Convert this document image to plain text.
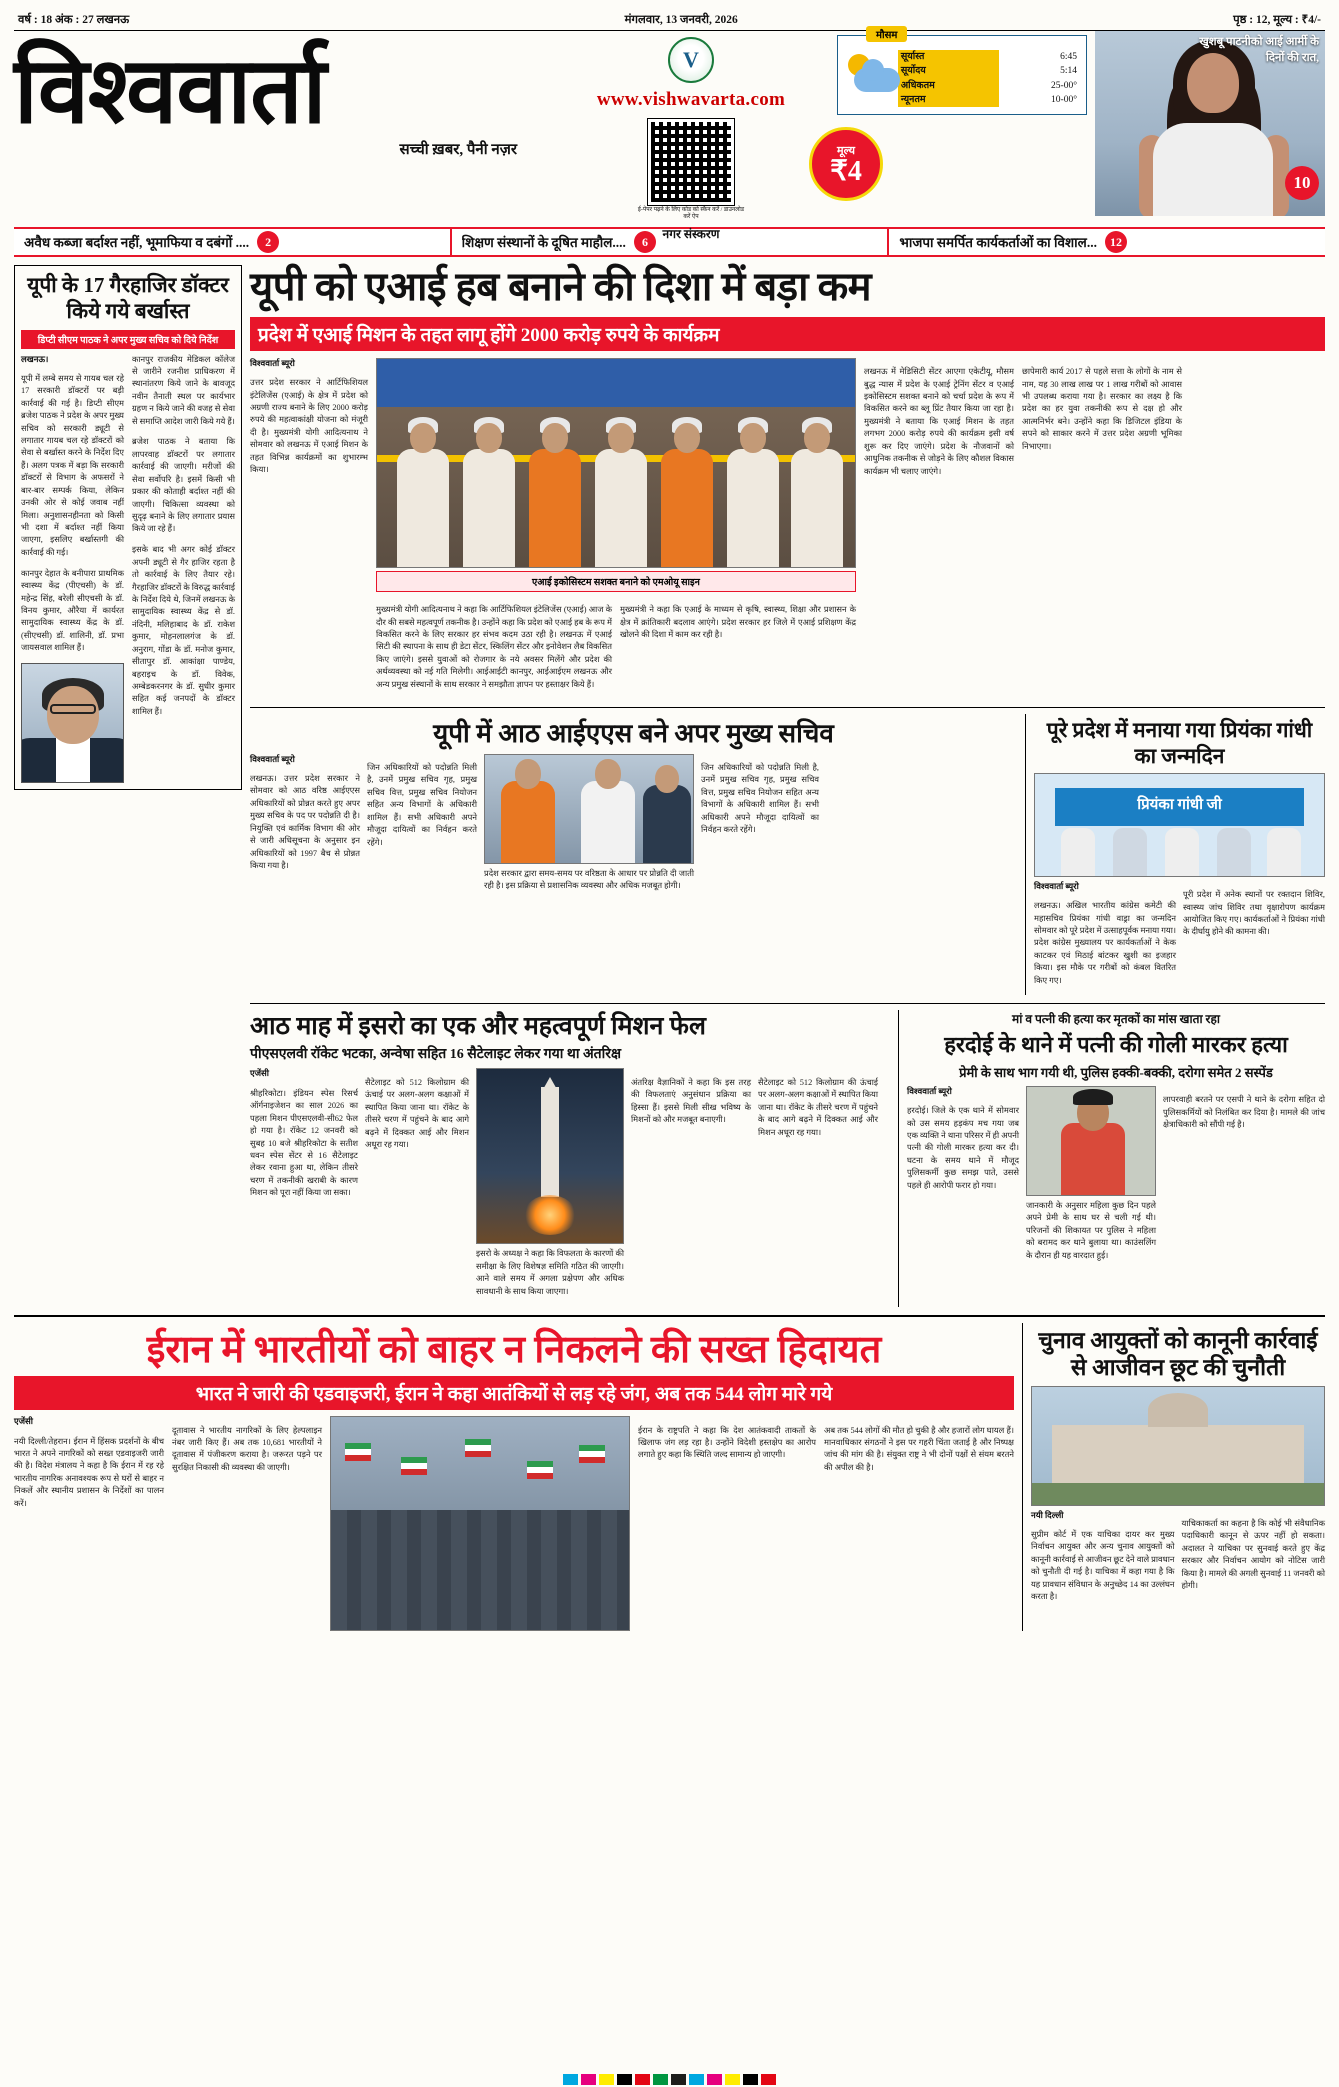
वर्ष : 18 अंक : 27 लखनऊ	मंगलवार, 13 जनवरी, 2026	पृष्ठ : 12, मूल्य : ₹4/-
विश्ववार्ता
सच्ची ख़बर, पैनी नज़र
V
www.vishwavarta.com
ई-पेपर पढ़ने के लिए कोड को स्कैन करें / डाउनलोड करें ऐप
नगर संस्करण
मूल्य
₹4
मौसम
सूर्यास्त	6:45
सूर्योदय	5:14
अधिकतम	25-00°
न्यूनतम	10-00°
खुशबू पाटनीको आई आर्मी के दिनों की रात,
10
अवैध कब्जा बर्दाश्त नहीं, भूमाफिया व दबंगों ....	2	शिक्षण संस्थानों के दूषित माहौल....	6	भाजपा समर्पित कार्यकर्ताओं का विशाल...	12
यूपी के 17 गैरहाजिर डॉक्टर किये गये बर्खास्त
डिप्टी सीएम पाठक ने अपर मुख्य सचिव को दिये निर्देश
लखनऊ।

यूपी में लम्बे समय से गायब चल रहे 17 सरकारी डॉक्टरों पर बड़ी कार्रवाई की गई है। डिप्टी सीएम ब्रजेश पाठक ने प्रदेश के अपर मुख्य सचिव को सरकारी ड्यूटी से लगातार गायब चल रहे डॉक्टरों को सेवा से बर्खास्त करने के निर्देश दिए हैं। अलग पत्रक में बड़ा कि सरकारी डॉक्टरों से विभाग के अफसरों ने बार-बार सम्पर्क किया, लेकिन उनकी ओर से कोई जवाब नहीं मिला। अनुशासनहीनता को किसी भी दशा में बर्दाश्त नहीं किया जाएगा, इसलिए बर्खास्तगी की कार्रवाई की गई।

कानपुर देहात के बनीपारा प्राथमिक स्वास्थ्य केंद्र (पीएचसी) के डॉ. महेन्द्र सिंह, बरेली सीएचसी के डॉ. विनय कुमार, औरैया में कार्यरत सामुदायिक स्वास्थ्य केंद्र के डॉ. (सीएचसी) डॉ. शालिनी, डॉ. प्रभा जायसवाल शामिल हैं।

कानपुर राजकीय मेडिकल कॉलेज से जारीने रजनीश प्राधिकरण में स्थानांतरण किये जाने के बावजूद नवीन तैनाती स्थल पर कार्यभार ग्रहण न किये जाने की वजह से सेवा से समाप्ति आदेश जारी किये गये हैं।

ब्रजेश पाठक ने बताया कि लापरवाह डॉक्टरों पर लगातार कार्रवाई की जाएगी। मरीजों की सेवा सर्वोपरि है। इसमें किसी भी प्रकार की कोताही बर्दाश्त नहीं की जाएगी। चिकित्सा व्यवस्था को सुदृढ़ बनाने के लिए लगातार प्रयास किये जा रहे हैं।

इसके बाद भी अगर कोई डॉक्टर अपनी ड्यूटी से गैर हाजिर रहता है तो कार्रवाई के लिए तैयार रहे। गैरहाजिर डॉक्टरों के विरुद्ध कार्रवाई के निर्देश दिये थे, जिनमें लखनऊ के सामुदायिक स्वास्थ्य केंद्र से डॉ. नंदिनी, मलिहाबाद के डॉ. राकेश कुमार, मोहनलालगंज के डॉ. अनुराग, गोंडा के डॉ. मनोज कुमार, सीतापुर डॉ. आकांक्षा पाण्डेय, बहराइच के डॉ. विवेक, अम्बेडकरनगर के डॉ. सुधीर कुमार सहित कई जनपदों के डॉक्टर शामिल हैं।

यूपी को एआई हब बनाने की दिशा में बड़ा कम
प्रदेश में एआई मिशन के तहत लागू होंगे 2000 करोड़ रुपये के कार्यक्रम
विश्ववार्ता ब्यूरो

उत्तर प्रदेश सरकार ने आर्टिफिशियल इंटेलिजेंस (एआई) के क्षेत्र में प्रदेश को अग्रणी राज्य बनाने के लिए 2000 करोड़ रुपये की महत्वाकांक्षी योजना को मंजूरी दी है। मुख्यमंत्री योगी आदित्यनाथ ने सोमवार को लखनऊ में एआई मिशन के तहत विभिन्न कार्यक्रमों का शुभारम्भ किया।

एआई इकोसिस्टम सशक्त बनाने को एमओयू साइन

मुख्यमंत्री योगी आदित्यनाथ ने कहा कि आर्टिफिशियल इंटेलिजेंस (एआई) आज के दौर की सबसे महत्वपूर्ण तकनीक है। उन्होंने कहा कि प्रदेश को एआई हब के रूप में विकसित करने के लिए सरकार हर संभव कदम उठा रही है। लखनऊ में एआई सिटी की स्थापना के साथ ही डेटा सेंटर, स्किलिंग सेंटर और इनोवेशन लैब विकसित किए जाएंगे। इससे युवाओं को रोजगार के नये अवसर मिलेंगे और प्रदेश की अर्थव्यवस्था को नई गति मिलेगी। आईआईटी कानपुर, आईआईएम लखनऊ और अन्य प्रमुख संस्थानों के साथ सरकार ने समझौता ज्ञापन पर हस्ताक्षर किये हैं।

मुख्यमंत्री ने कहा कि एआई के माध्यम से कृषि, स्वास्थ्य, शिक्षा और प्रशासन के क्षेत्र में क्रांतिकारी बदलाव आएंगे। प्रदेश सरकार हर जिले में एआई प्रशिक्षण केंद्र खोलने की दिशा में काम कर रही है।

लखनऊ में मेडिसिटी सेंटर आएगा एकेटीयू, मौसम बुद्ध न्यास में प्रदेश के एआई ट्रेनिंग सेंटर व एआई इकोसिस्टम सशक्त बनाने को चर्चा प्रदेश के रूप में विकसित करने का ब्लू प्रिंट तैयार किया जा रहा है। मुख्यमंत्री ने बताया कि एआई मिशन के तहत लगभग 2000 करोड़ रुपये की कार्यक्रम इसी वर्ष शुरू कर दिए जाएंगे। प्रदेश के नौजवानों को आधुनिक तकनीक से जोड़ने के लिए कौशल विकास कार्यक्रम भी चलाए जाएंगे।

छापेमारी कार्य 2017 से पहले सत्ता के लोगों के नाम से नाम, यह 30 लाख लाख पर 1 लाख गरीबों को आवास भी उपलब्ध कराया गया है। सरकार का लक्ष्य है कि प्रदेश का हर युवा तकनीकी रूप से दक्ष हो और आत्मनिर्भर बने। उन्होंने कहा कि डिजिटल इंडिया के सपने को साकार करने में उत्तर प्रदेश अग्रणी भूमिका निभाएगा।

यूपी में आठ आईएएस बने अपर मुख्य सचिव
विश्ववार्ता ब्यूरो

लखनऊ। उत्तर प्रदेश सरकार ने सोमवार को आठ वरिष्ठ आईएएस अधिकारियों को प्रोन्नत करते हुए अपर मुख्य सचिव के पद पर पदोन्नति दी है। नियुक्ति एवं कार्मिक विभाग की ओर से जारी अधिसूचना के अनुसार इन अधिकारियों को 1997 बैच से प्रोन्नत किया गया है।

जिन अधिकारियों को पदोन्नति मिली है, उनमें प्रमुख सचिव गृह, प्रमुख सचिव वित्त, प्रमुख सचिव नियोजन सहित अन्य विभागों के अधिकारी शामिल हैं। सभी अधिकारी अपने मौजूदा दायित्वों का निर्वहन करते रहेंगे।

प्रदेश सरकार द्वारा समय-समय पर वरिष्ठता के आधार पर प्रोन्नति दी जाती रही है। इस प्रक्रिया से प्रशासनिक व्यवस्था और अधिक मजबूत होगी।

जिन अधिकारियों को पदोन्नति मिली है, उनमें प्रमुख सचिव गृह, प्रमुख सचिव वित्त, प्रमुख सचिव नियोजन सहित अन्य विभागों के अधिकारी शामिल हैं। सभी अधिकारी अपने मौजूदा दायित्वों का निर्वहन करते रहेंगे।

पूरे प्रदेश में मनाया गया प्रियंका गांधी का जन्मदिन
प्रियंका गांधी जी
विश्ववार्ता ब्यूरो

लखनऊ। अखिल भारतीय कांग्रेस कमेटी की महासचिव प्रियंका गांधी वाड्रा का जन्मदिन सोमवार को पूरे प्रदेश में उत्साहपूर्वक मनाया गया। प्रदेश कांग्रेस मुख्यालय पर कार्यकर्ताओं ने केक काटकर एवं मिठाई बांटकर खुशी का इजहार किया। इस मौके पर गरीबों को कंबल वितरित किए गए।

पूरी प्रदेश में अनेक स्थानों पर रक्तदान शिविर, स्वास्थ्य जांच शिविर तथा वृक्षारोपण कार्यक्रम आयोजित किए गए। कार्यकर्ताओं ने प्रियंका गांधी के दीर्घायु होने की कामना की।

आठ माह में इसरो का एक और महत्वपूर्ण मिशन फेल
पीएसएलवी रॉकेट भटका, अन्वेषा सहित 16 सैटेलाइट लेकर गया था अंतरिक्ष
एजेंसी

श्रीहरिकोटा। इंडियन स्पेस रिसर्च ऑर्गनाइजेशन का साल 2026 का पहला मिशन पीएसएलवी-सी62 फेल हो गया है। रॉकेट 12 जनवरी को सुबह 10 बजे श्रीहरिकोटा के सतीश धवन स्पेस सेंटर से 16 सैटेलाइट लेकर रवाना हुआ था, लेकिन तीसरे चरण में तकनीकी खराबी के कारण मिशन को पूरा नहीं किया जा सका।

सैटेलाइट को 512 किलोग्राम की ऊंचाई पर अलग-अलग कक्षाओं में स्थापित किया जाना था। रॉकेट के तीसरे चरण में पहुंचने के बाद आगे बढ़ने में दिक्कत आई और मिशन अधूरा रह गया।

इसरो के अध्यक्ष ने कहा कि विफलता के कारणों की समीक्षा के लिए विशेषज्ञ समिति गठित की जाएगी। आने वाले समय में अगला प्रक्षेपण और अधिक सावधानी के साथ किया जाएगा।

अंतरिक्ष वैज्ञानिकों ने कहा कि इस तरह की विफलताएं अनुसंधान प्रक्रिया का हिस्सा हैं। इससे मिली सीख भविष्य के मिशनों को और मजबूत बनाएगी।

सैटेलाइट को 512 किलोग्राम की ऊंचाई पर अलग-अलग कक्षाओं में स्थापित किया जाना था। रॉकेट के तीसरे चरण में पहुंचने के बाद आगे बढ़ने में दिक्कत आई और मिशन अधूरा रह गया।

मां व पत्नी की हत्या कर मृतकों का मांस खाता रहा
हरदोई के थाने में पत्नी की गोली मारकर हत्या
प्रेमी के साथ भाग गयी थी, पुलिस हक्की-बक्की, दरोगा समेत 2 सस्पेंड
विश्ववार्ता ब्यूरो

हरदोई। जिले के एक थाने में सोमवार को उस समय हड़कंप मच गया जब एक व्यक्ति ने थाना परिसर में ही अपनी पत्नी की गोली मारकर हत्या कर दी। घटना के समय थाने में मौजूद पुलिसकर्मी कुछ समझ पाते, उससे पहले ही आरोपी फरार हो गया।

जानकारी के अनुसार महिला कुछ दिन पहले अपने प्रेमी के साथ घर से चली गई थी। परिजनों की शिकायत पर पुलिस ने महिला को बरामद कर थाने बुलाया था। काउंसलिंग के दौरान ही यह वारदात हुई।

लापरवाही बरतने पर एसपी ने थाने के दरोगा सहित दो पुलिसकर्मियों को निलंबित कर दिया है। मामले की जांच क्षेत्राधिकारी को सौंपी गई है।

ईरान में भारतीयों को बाहर न निकलने की सख्त हिदायत
भारत ने जारी की एडवाइजरी, ईरान ने कहा आतंकियों से लड़ रहे जंग, अब तक 544 लोग मारे गये
एजेंसी

नयी दिल्ली/तेहरान। ईरान में हिंसक प्रदर्शनों के बीच भारत ने अपने नागरिकों को सख्त एडवाइजरी जारी की है। विदेश मंत्रालय ने कहा है कि ईरान में रह रहे भारतीय नागरिक अनावश्यक रूप से घरों से बाहर न निकलें और स्थानीय प्रशासन के निर्देशों का पालन करें।

दूतावास ने भारतीय नागरिकों के लिए हेल्पलाइन नंबर जारी किए हैं। अब तक 10,681 भारतीयों ने दूतावास में पंजीकरण कराया है। जरूरत पड़ने पर सुरक्षित निकासी की व्यवस्था की जाएगी।

ईरान के राष्ट्रपति ने कहा कि देश आतंकवादी ताकतों के खिलाफ जंग लड़ रहा है। उन्होंने विदेशी हस्तक्षेप का आरोप लगाते हुए कहा कि स्थिति जल्द सामान्य हो जाएगी।

अब तक 544 लोगों की मौत हो चुकी है और हजारों लोग घायल हैं। मानवाधिकार संगठनों ने इस पर गहरी चिंता जताई है और निष्पक्ष जांच की मांग की है। संयुक्त राष्ट्र ने भी दोनों पक्षों से संयम बरतने की अपील की है।

चुनाव आयुक्तों को कानूनी कार्रवाई से आजीवन छूट की चुनौती
नयी दिल्ली

सुप्रीम कोर्ट में एक याचिका दायर कर मुख्य निर्वाचन आयुक्त और अन्य चुनाव आयुक्तों को कानूनी कार्रवाई से आजीवन छूट देने वाले प्रावधान को चुनौती दी गई है। याचिका में कहा गया है कि यह प्रावधान संविधान के अनुच्छेद 14 का उल्लंघन करता है।

याचिकाकर्ता का कहना है कि कोई भी संवैधानिक पदाधिकारी कानून से ऊपर नहीं हो सकता। अदालत ने याचिका पर सुनवाई करते हुए केंद्र सरकार और निर्वाचन आयोग को नोटिस जारी किया है। मामले की अगली सुनवाई 11 जनवरी को होगी।
